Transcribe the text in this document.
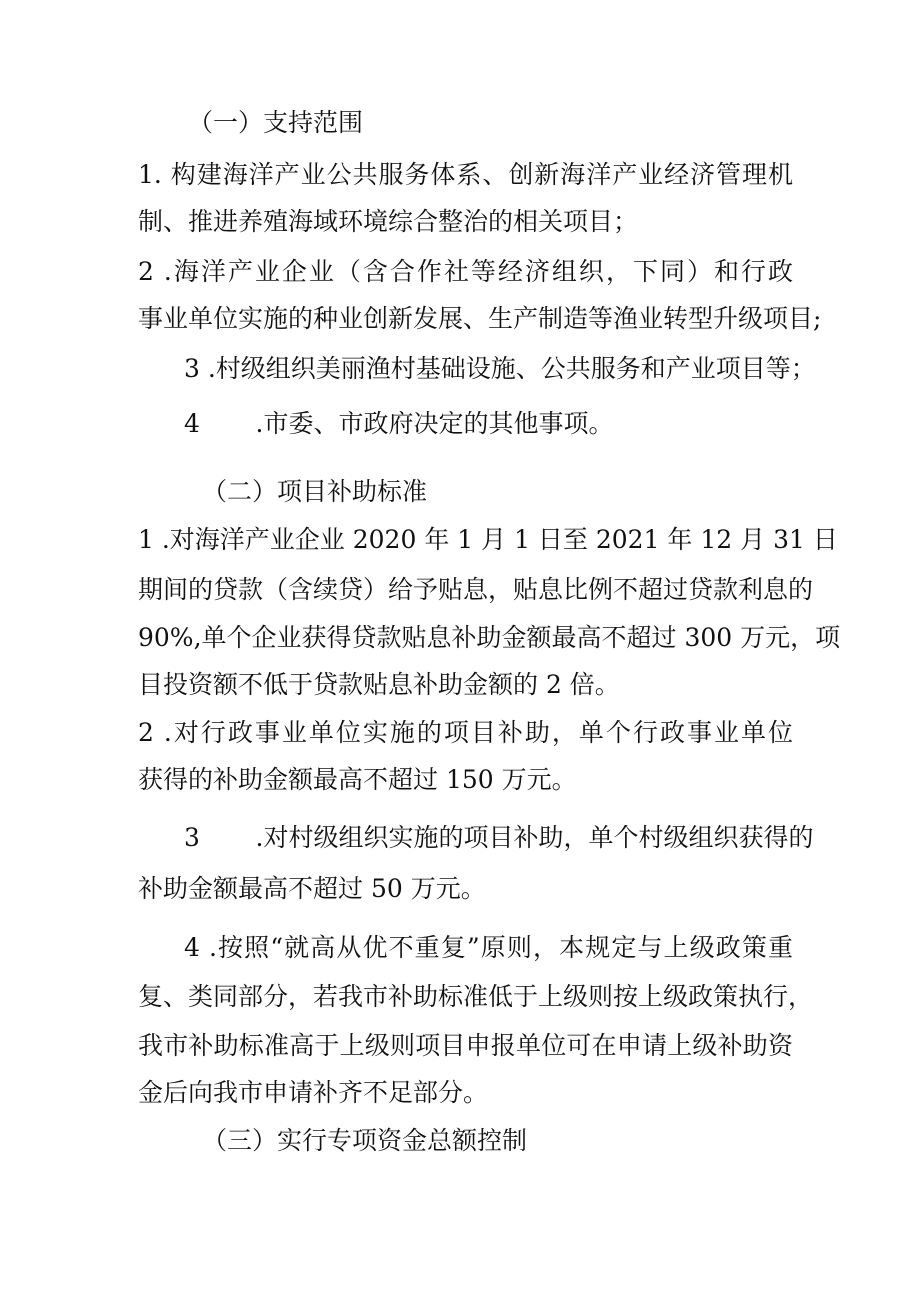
（一）支持范围
1. 构建海洋产业公共服务体系、创新海洋产业经济管理机
制、推进养殖海域环境综合整治的相关项目；
2 .海洋产业企业（含合作社等经济组织，下同）和行政
事业单位实施的种业创新发展、生产制造等渔业转型升级项目;
3 .村级组织美丽渔村基础设施、公共服务和产业项目等；
4       .市委、市政府决定的其他事项。
（二）项目补助标准
1 .对海洋产业企业 2020 年 1 月 1 日至 2021 年 12 月 31 日
期间的贷款（含续贷）给予贴息，贴息比例不超过贷款利息的
90%,单个企业获得贷款贴息补助金额最高不超过 300 万元，项
目投资额不低于贷款贴息补助金额的 2 倍。
2 .对行政事业单位实施的项目补助，单个行政事业单位
获得的补助金额最高不超过 150 万元。
3       .对村级组织实施的项目补助，单个村级组织获得的
补助金额最高不超过 50 万元。
4 .按照“就高从优不重复”原则，本规定与上级政策重
复、类同部分，若我市补助标准低于上级则按上级政策执行，
我市补助标准高于上级则项目申报单位可在申请上级补助资
金后向我市申请补齐不足部分。
（三）实行专项资金总额控制
